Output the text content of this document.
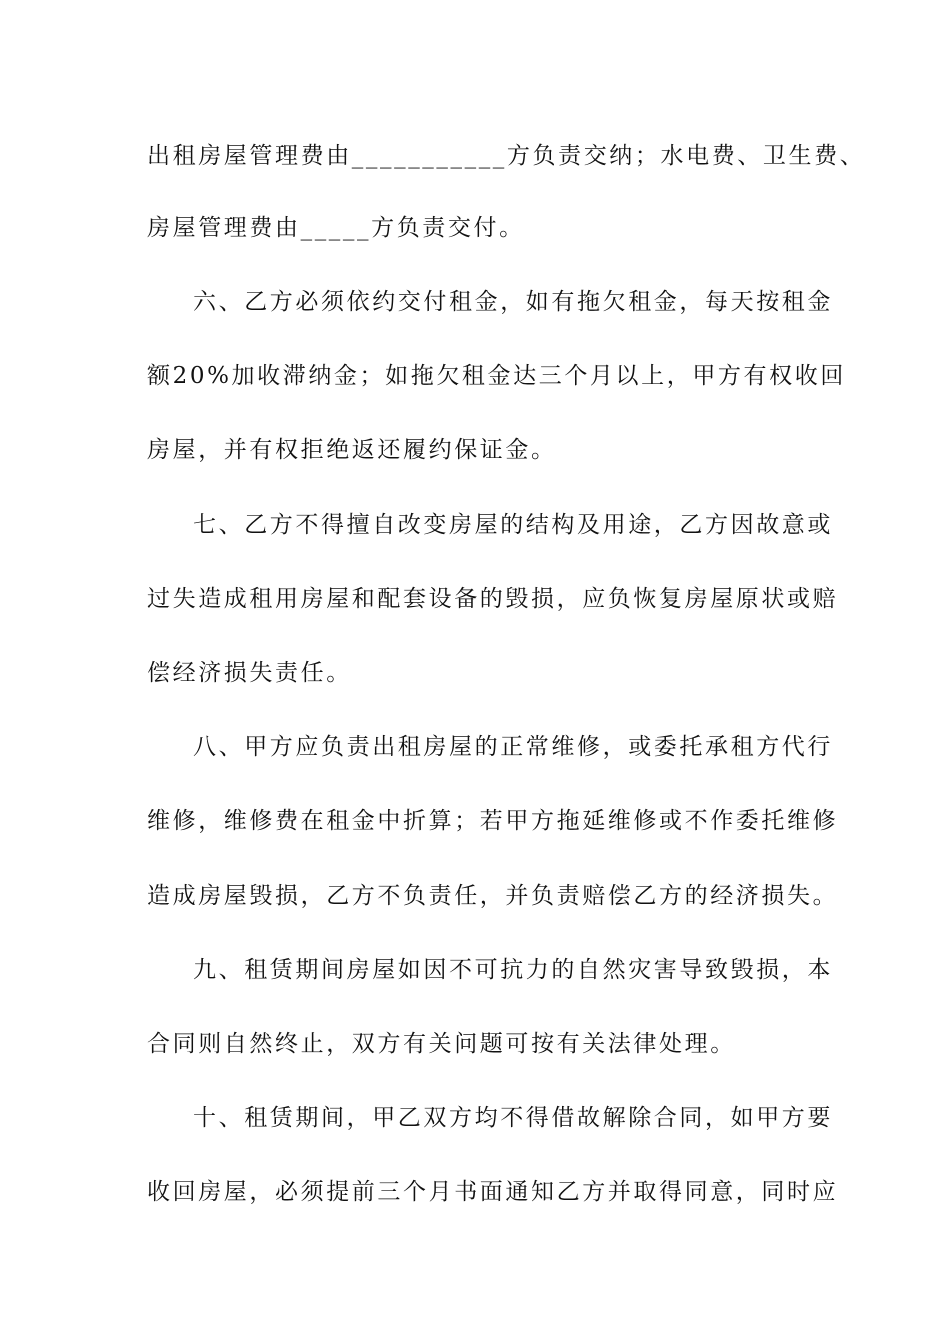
出租房屋管理费由___________方负责交纳；水电费、卫生费、
房屋管理费由_____方负责交付。
六、乙方必须依约交付租金，如有拖欠租金，每天按租金
额20%加收滞纳金；如拖欠租金达三个月以上，甲方有权收回
房屋，并有权拒绝返还履约保证金。
七、乙方不得擅自改变房屋的结构及用途，乙方因故意或
过失造成租用房屋和配套设备的毁损，应负恢复房屋原状或赔
偿经济损失责任。
八、甲方应负责出租房屋的正常维修，或委托承租方代行
维修，维修费在租金中折算；若甲方拖延维修或不作委托维修
造成房屋毁损，乙方不负责任，并负责赔偿乙方的经济损失。
九、租赁期间房屋如因不可抗力的自然灾害导致毁损，本
合同则自然终止，双方有关问题可按有关法律处理。
十、租赁期间，甲乙双方均不得借故解除合同，如甲方要
收回房屋，必须提前三个月书面通知乙方并取得同意，同时应
